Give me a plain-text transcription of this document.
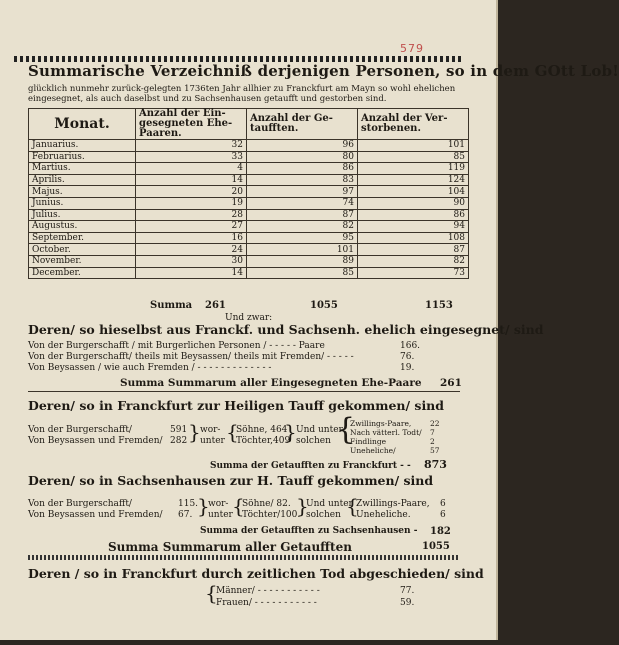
579
Summarische Verzeichniß derjenigen Personen, so in dem GOtt Lob!
glücklich nunmehr zurück-gelegten 1736ten Jahr allhier zu Franckfurt am Mayn so wohl ehelichen eingesegnet, als auch daselbst und zu Sachsenhausen getaufft und gestorben sind.
Monat.	Anzahl der Ein-gesegneten Ehe-Paaren.	Anzahl der Ge-taufften.	Anzahl der Ver-storbenen.
Januarius.	32	96	101
Februarius.	33	80	85
Martius.	4	86	119
Aprilis.	14	83	124
Majus.	20	97	104
Junius.	19	74	90
Julius.	28	87	86
Augustus.	27	82	94
September.	16	95	108
October.	24	101	87
November.	30	89	82
December.	14	85	73
Summa 261	1055	1153
Und zwar:
Deren/ so hieselbst aus Franckf. und Sachsenh. ehelich eingesegnet/ sind
Von der Burgerschafft / mit Burgerlichen Personen / - - - - - Paare	166.
Von der Burgerschafft/ theils mit Beysassen/ theils mit Fremden/ - - - - -	76.
Von Beysassen / wie auch Fremden / - - - - - - - - - - - - -	19.
Summa Summarum aller Eingesegneten Ehe-Paare 261
Deren/ so in Franckfurt zur Heiligen Tauff gekommen/ sind
Von der Burgerschafft/	591
Von Beysassen und Fremden/ 282 } wor-
unter {
Söhne, 464
Töchter,409
} Und unter
solchen {
Zwillings-Paare, 22
Nach vätterl. Todt/ 7
Findlinge	2
Uneheliche/	57
Summa der Getaufften zu Franckfurt - - 873
Deren/ so in Sachsenhausen zur H. Tauff gekommen/ sind
Von der Burgerschafft/	115.
Von Beysassen und Fremden/ 67. }
wor-
unter {
Söhne/ 82.
Töchter/100.
}
Und unter
solchen {
Zwillings-Paare, 6
Uneheliche.	6
Summa der Getaufften zu Sachsenhausen - 182
Summa Summarum aller Getaufften	1055
Deren / so in Franckfurt durch zeitlichen Tod abgeschieden/ sind
{
Männer/ - - - - - - - - - - -	77.
Frauen/ - - - - - - - - - - -	59.
